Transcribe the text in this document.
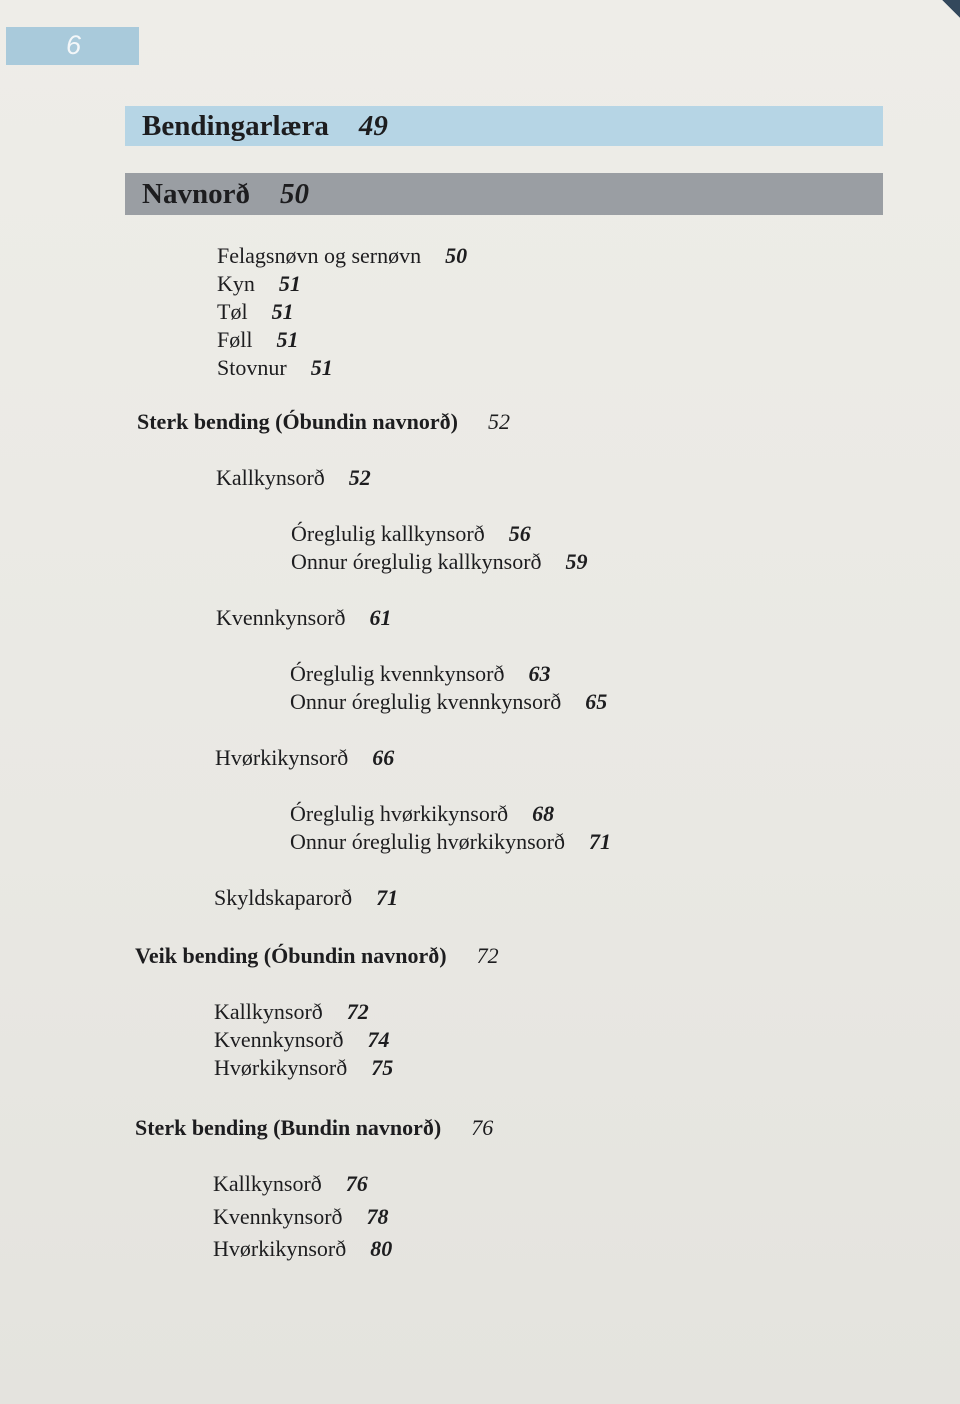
6
Bendingarlæra 49
Navnorð 50
Felagsnøvn og sernøvn 50
Kyn 51
Tøl 51
Føll 51
Stovnur 51
Sterk bending (Óbundin navnorð) 52
Kallkynsorð 52
Óreglulig kallkynsorð 56
Onnur óreglulig kallkynsorð 59
Kvennkynsorð 61
Óreglulig kvennkynsorð 63
Onnur óreglulig kvennkynsorð 65
Hvørkikynsorð 66
Óreglulig hvørkikynsorð 68
Onnur óreglulig hvørkikynsorð 71
Skyldskaparorð 71
Veik bending (Óbundin navnorð) 72
Kallkynsorð 72
Kvennkynsorð 74
Hvørkikynsorð 75
Sterk bending (Bundin navnorð) 76
Kallkynsorð 76
Kvennkynsorð 78
Hvørkikynsorð 80
